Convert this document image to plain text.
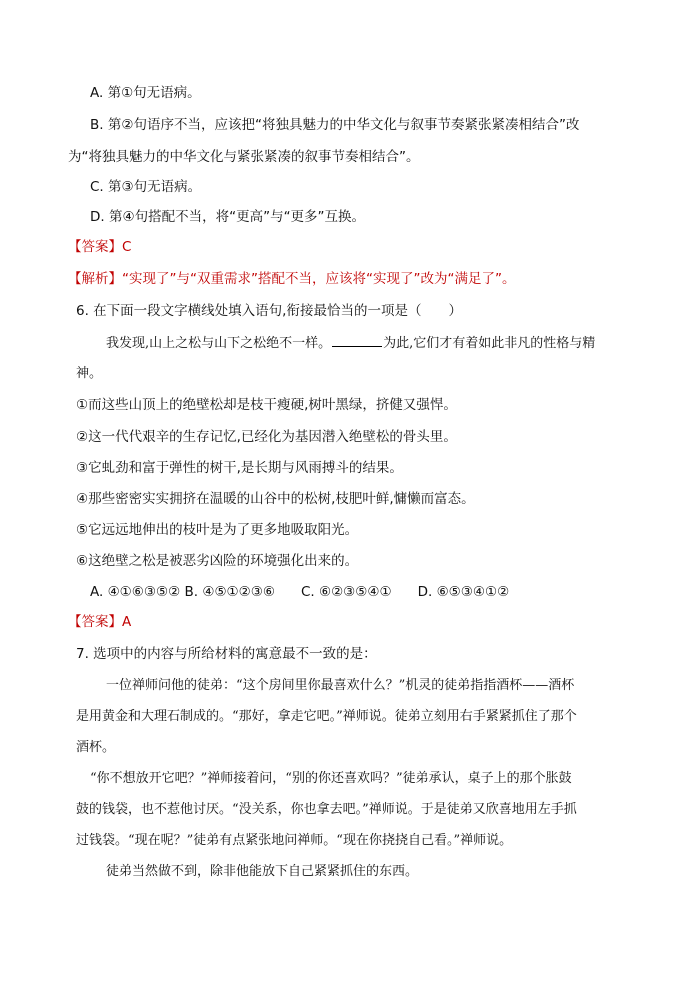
A. 第①句无语病。
B. 第②句语序不当，应该把“将独具魅力的中华文化与叙事节奏紧张紧凑相结合”改
为“将独具魅力的中华文化与紧张紧凑的叙事节奏相结合”。
C. 第③句无语病。
D. 第④句搭配不当，将“更高”与“更多”互换。
【答案】C
【解析】“实现了”与“双重需求”搭配不当，应该将“实现了”改为“满足了”。
6. 在下面一段文字横线处填入语句,衔接最恰当的一项是（　　）
我发现,山上之松与山下之松绝不一样。	为此,它们才有着如此非凡的性格与精
神。
①而这些山顶上的绝壁松却是枝干瘦硬,树叶黑绿，挤健又强悍。
②这一代代艰辛的生存记忆,已经化为基因潜入绝壁松的骨头里。
③它虬劲和富于弹性的树干,是长期与风雨搏斗的结果。
④那些密密实实拥挤在温暖的山谷中的松树,枝肥叶鲜,慵懒而富态。
⑤它远远地伸出的枝叶是为了更多地吸取阳光。
⑥这绝壁之松是被恶劣凶险的环境强化出来的。
A. ④①⑥③⑤② B. ④⑤①②③⑥ C. ⑥②③⑤④① D. ⑥⑤③④①②
【答案】A
7. 选项中的内容与所给材料的寓意最不一致的是：
一位禅师问他的徒弟：“这个房间里你最喜欢什么？”机灵的徒弟指指酒杯——酒杯
是用黄金和大理石制成的。“那好，拿走它吧。”禅师说。徒弟立刻用右手紧紧抓住了那个
酒杯。
“你不想放开它吧？”禅师接着问，“别的你还喜欢吗？”徒弟承认，桌子上的那个胀鼓
鼓的钱袋，也不惹他讨厌。“没关系，你也拿去吧。”禅师说。于是徒弟又欣喜地用左手抓
过钱袋。“现在呢？”徒弟有点紧张地问禅师。“现在你挠挠自己看。”禅师说。
徒弟当然做不到，除非他能放下自己紧紧抓住的东西。
